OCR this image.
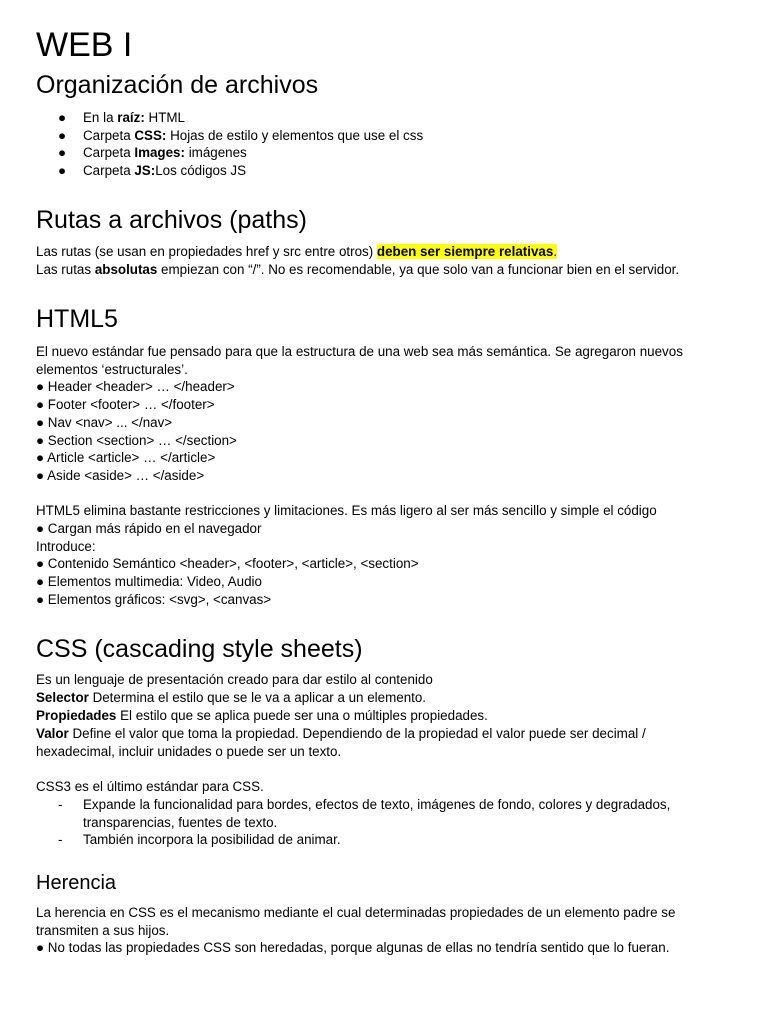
WEB I
Organización de archivos
● En la raíz: HTML
● Carpeta CSS: Hojas de estilo y elementos que use el css
● Carpeta Images: imágenes
● Carpeta JS:Los códigos JS
Rutas a archivos (paths)
Las rutas (se usan en propiedades href y src entre otros) deben ser siempre relativas.
Las rutas absolutas empiezan con “/”. No es recomendable, ya que solo van a funcionar bien en el servidor.
HTML5
El nuevo estándar fue pensado para que la estructura de una web sea más semántica. Se agregaron nuevos
elementos ‘estructurales’.
● Header <header> … </header>
● Footer <footer> … </footer>
● Nav <nav> ... </nav>
● Section <section> … </section>
● Article <article> … </article>
● Aside <aside> … </aside>
HTML5 elimina bastante restricciones y limitaciones. Es más ligero al ser más sencillo y simple el código
● Cargan más rápido en el navegador
Introduce:
● Contenido Semántico <header>, <footer>, <article>, <section>
● Elementos multimedia: Video, Audio
● Elementos gráficos: <svg>, <canvas>
CSS (cascading style sheets)
Es un lenguaje de presentación creado para dar estilo al contenido
Selector Determina el estilo que se le va a aplicar a un elemento.
Propiedades El estilo que se aplica puede ser una o múltiples propiedades.
Valor Define el valor que toma la propiedad. Dependiendo de la propiedad el valor puede ser decimal /
hexadecimal, incluir unidades o puede ser un texto.
CSS3 es el último estándar para CSS.
- Expande la funcionalidad para bordes, efectos de texto, imágenes de fondo, colores y degradados,
transparencias, fuentes de texto.
- También incorpora la posibilidad de animar.
Herencia
La herencia en CSS es el mecanismo mediante el cual determinadas propiedades de un elemento padre se
transmiten a sus hijos.
● No todas las propiedades CSS son heredadas, porque algunas de ellas no tendría sentido que lo fueran.
